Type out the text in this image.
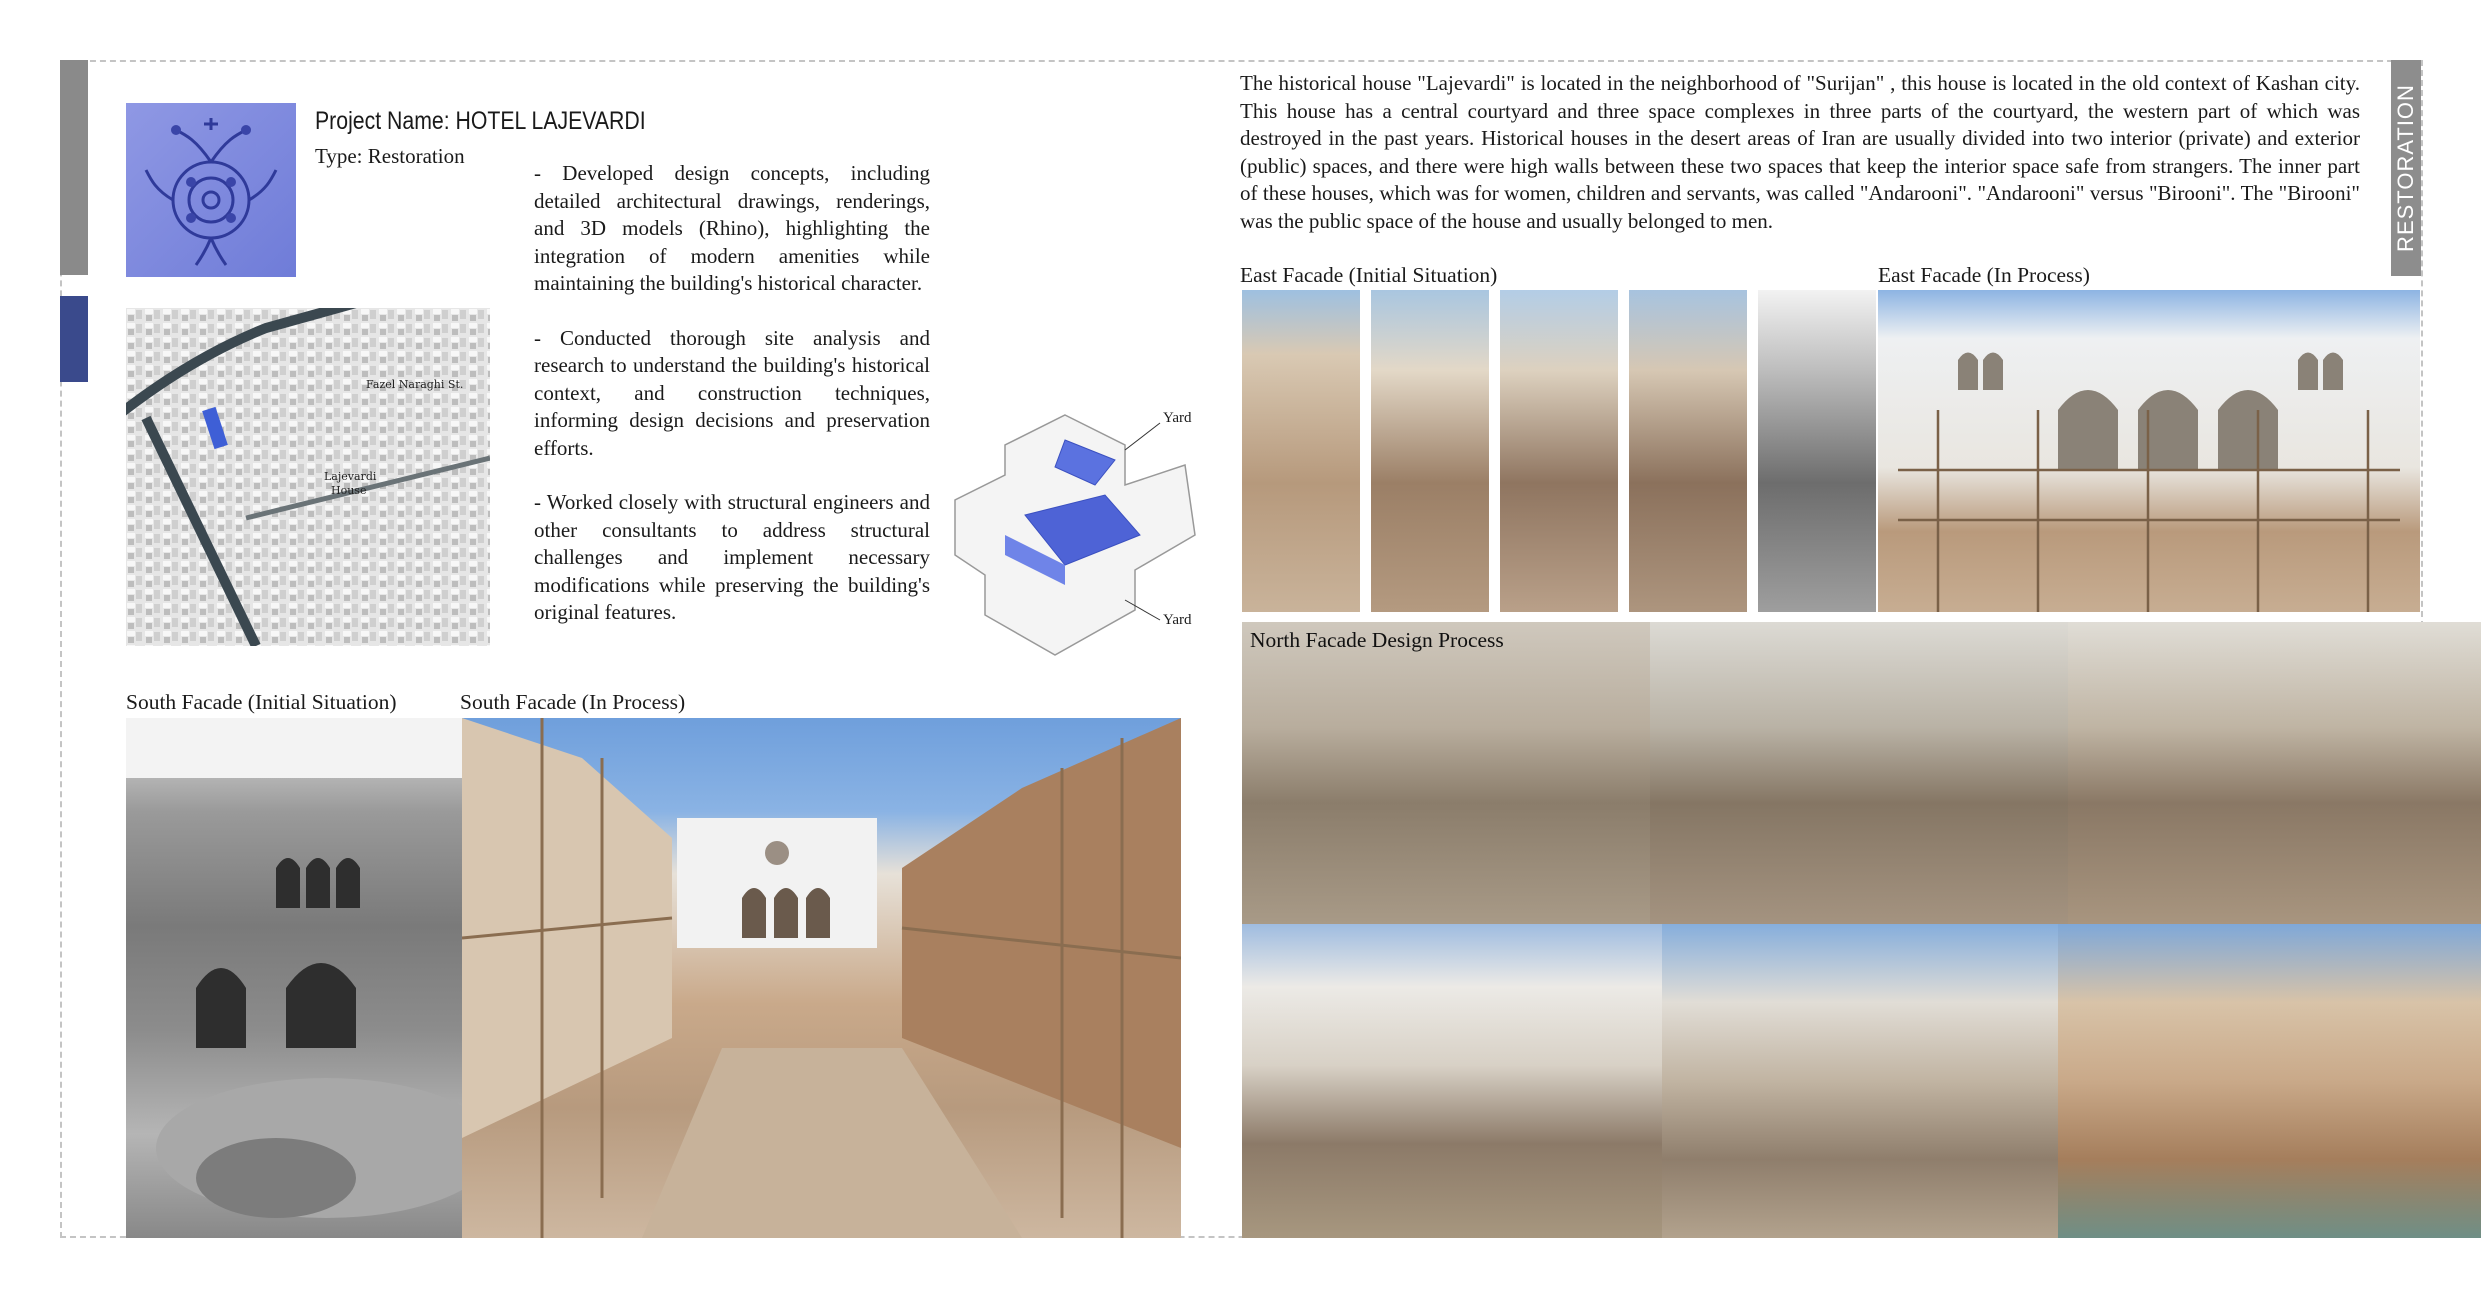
RESTORATION
Project Name: HOTEL LAJEVARDI
Type: Restoration

- Developed design concepts, including detailed architectural drawings, renderings, and 3D models (Rhino), highlighting the integration of modern amenities while maintaining the building's historical character.

- Conducted thorough site analysis and research to understand the building's historical context, and construction techniques, informing design decisions and preservation efforts.

- Worked closely with structural engineers and other consultants to address structural challenges and implement necessary modifications while preserving the building's original features.

Fazel Naraghi St.
Lajevardi
House
Yard
Yard
South Facade (Initial Situation)	South Facade (In Process)
The historical house "Lajevardi" is located in the neighborhood of "Surijan" , this house is located in the old context of Kashan city. This house has a central courtyard and three space complexes in three parts of the courtyard, the western part of which was destroyed in the past years. Historical houses in the desert areas of Iran are usually divided into two interior (private) and exterior (public) spaces, and there were high walls between these two spaces that keep the interior space safe from strangers. The inner part of these houses, which was for women, children and servants, was called "Andarooni". "Andarooni" versus "Birooni". The "Birooni" was the public space of the house and usually belonged to men.
East Facade (Initial Situation)	East Facade (In Process)
North Facade Design Process
